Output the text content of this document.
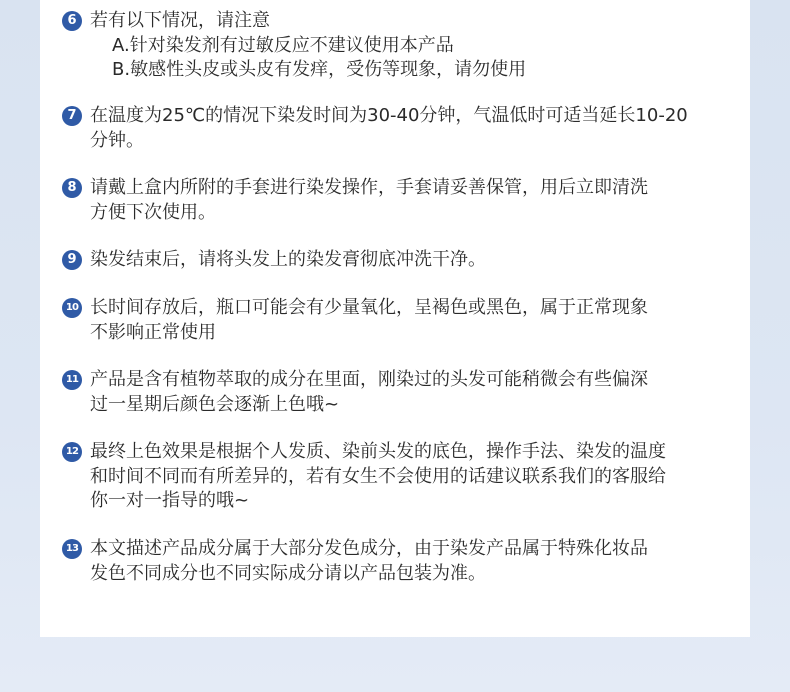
6 若有以下情况，请注意
A.针对染发剂有过敏反应不建议使用本产品
B.敏感性头皮或头皮有发痒，受伤等现象，请勿使用
7 在温度为25℃的情况下染发时间为30-40分钟，气温低时可适当延长10-20
分钟。
8 请戴上盒内所附的手套进行染发操作，手套请妥善保管，用后立即清洗
方便下次使用。
9 染发结束后，请将头发上的染发膏彻底冲洗干净。
10 长时间存放后，瓶口可能会有少量氧化，呈褐色或黑色，属于正常现象
不影响正常使用
11 产品是含有植物萃取的成分在里面，刚染过的头发可能稍微会有些偏深
过一星期后颜色会逐渐上色哦~
12 最终上色效果是根据个人发质、染前头发的底色，操作手法、染发的温度
和时间不同而有所差异的，若有女生不会使用的话建议联系我们的客服给
你一对一指导的哦~
13 本文描述产品成分属于大部分发色成分，由于染发产品属于特殊化妆品
发色不同成分也不同实际成分请以产品包装为准。
